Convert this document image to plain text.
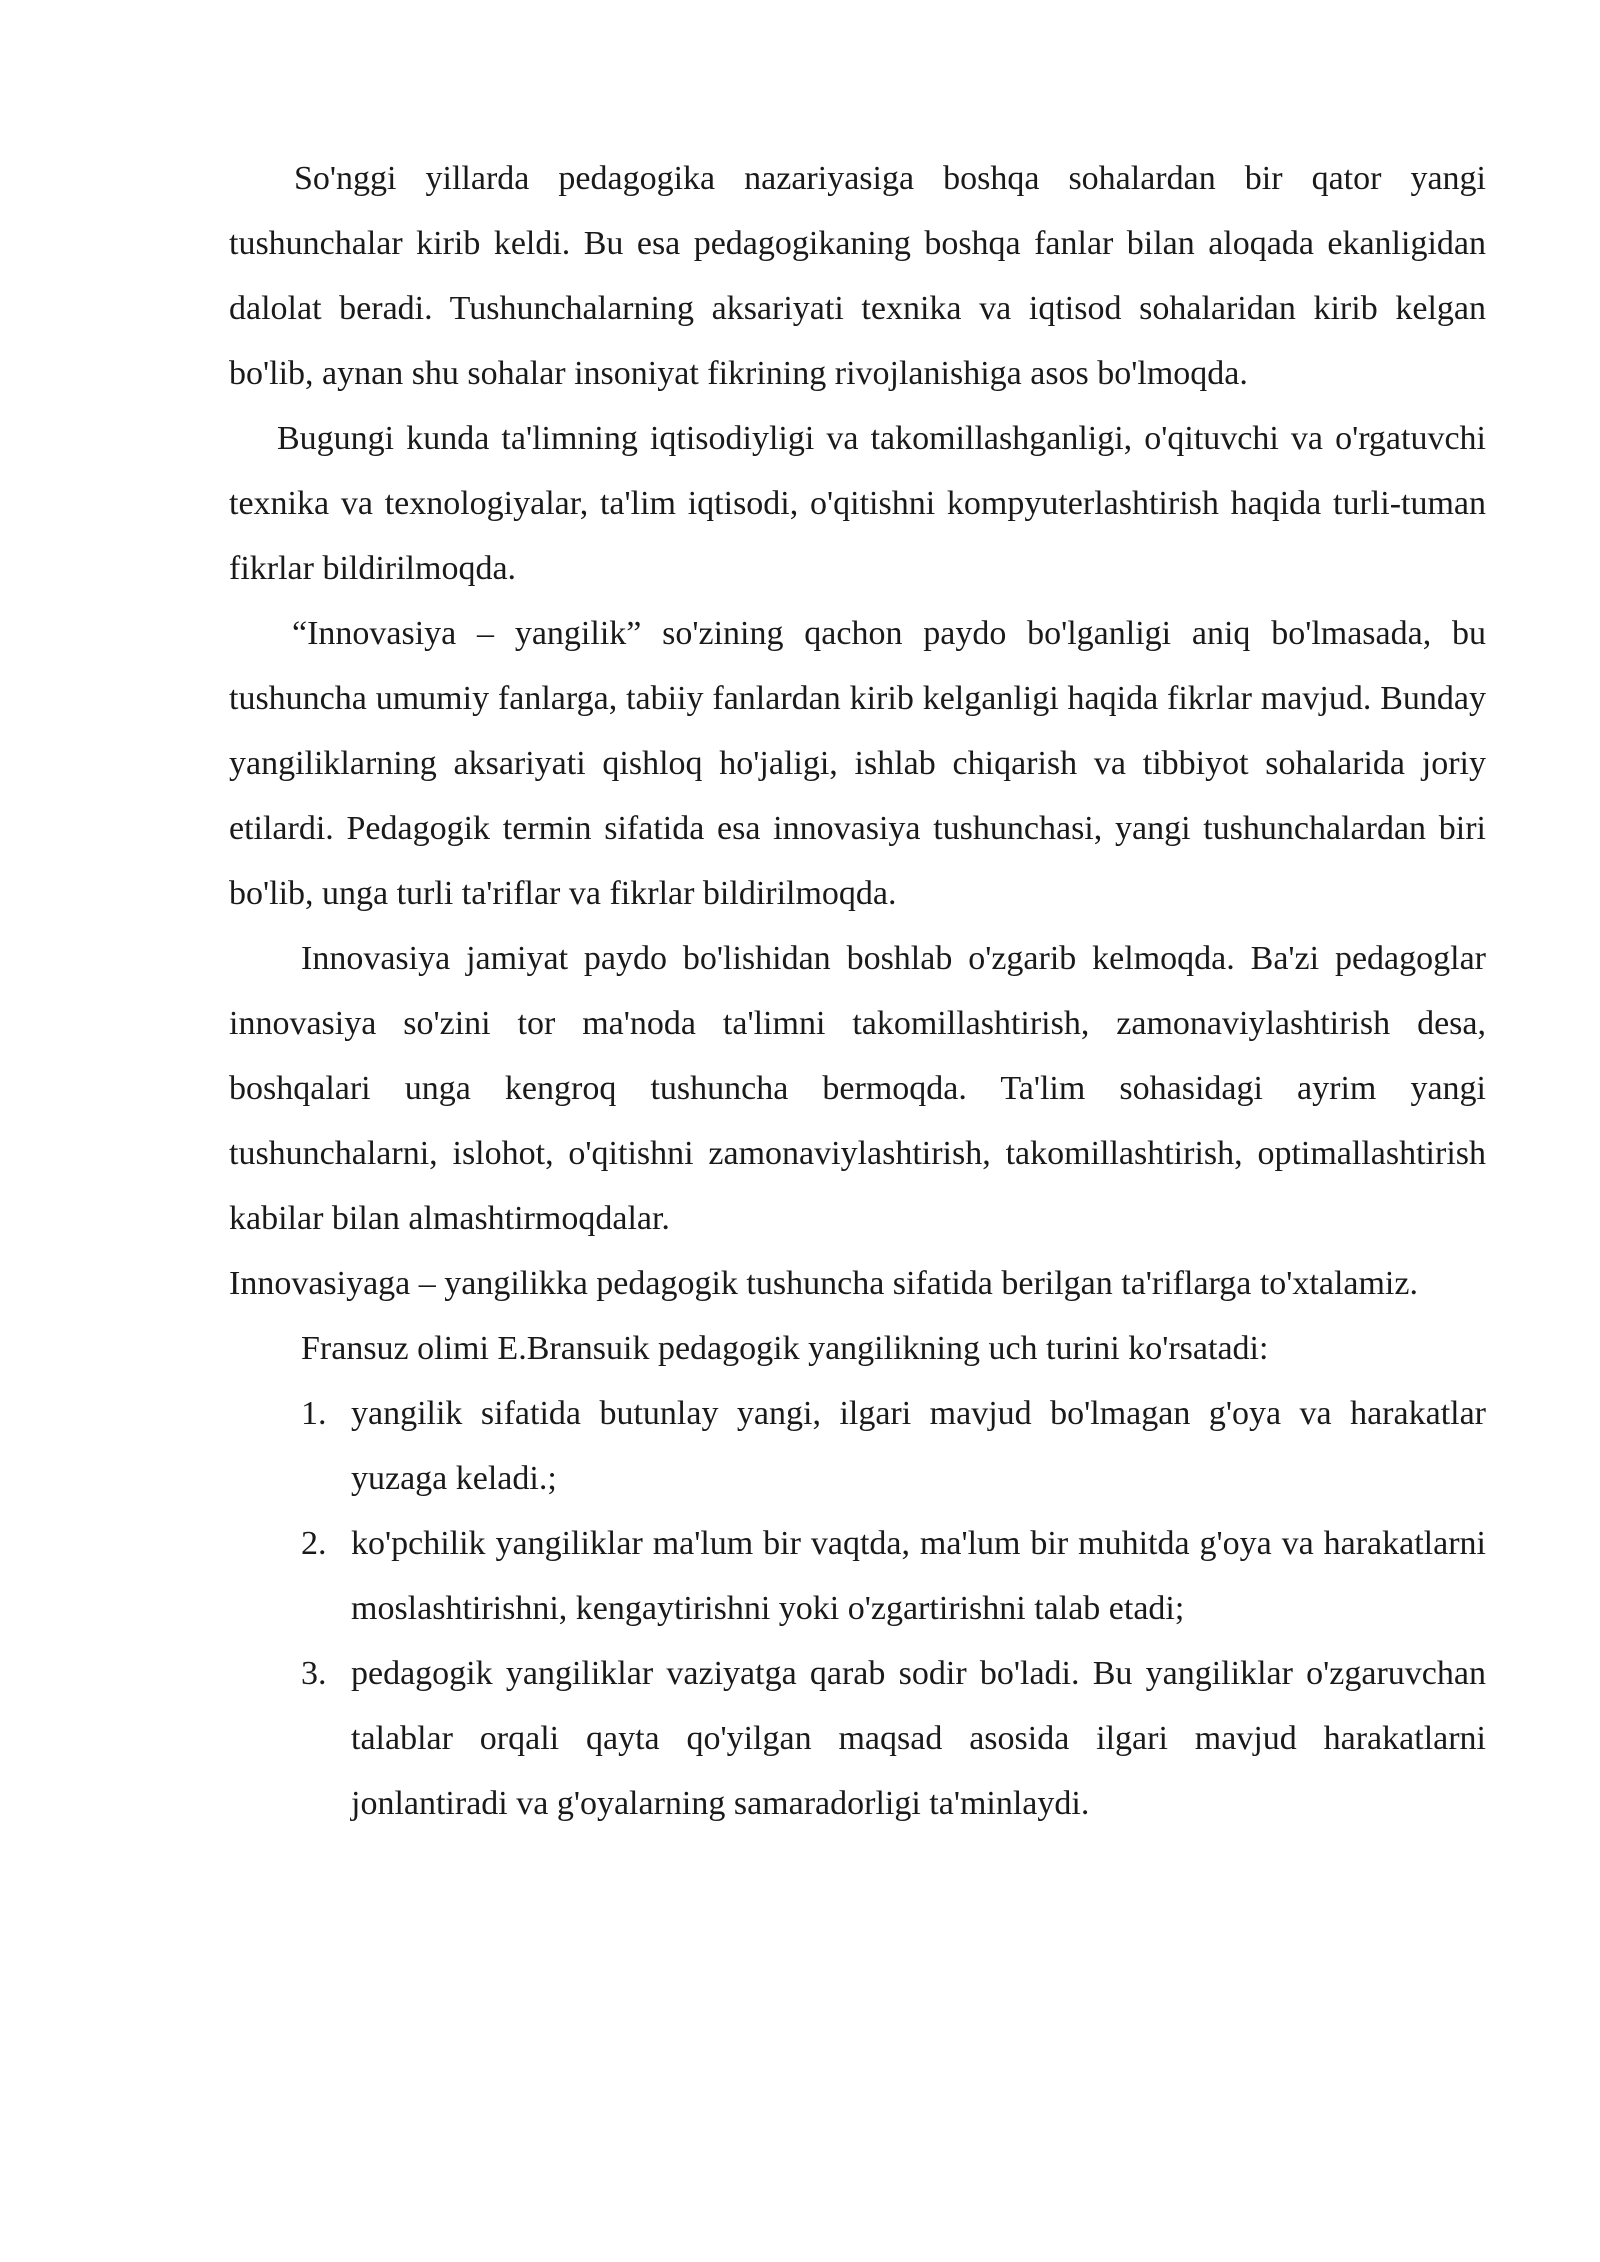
So'nggi yillarda pedagogika nazariyasiga boshqa sohalardan bir qator yangi tushunchalar kirib keldi. Bu esa pedagogikaning boshqa fanlar bilan aloqada ekanligidan dalolat beradi. Tushunchalarning aksariyati texnika va iqtisod sohalaridan kirib kelgan bo'lib, aynan shu sohalar insoniyat fikrining rivojlanishiga asos bo'lmoqda.

Bugungi kunda ta'limning iqtisodiyligi va takomillashganligi, o'qituvchi va o'rgatuvchi texnika va texnologiyalar, ta'lim iqtisodi, o'qitishni kompyuterlashtirish haqida turli-tuman fikrlar bildirilmoqda.

“Innovasiya – yangilik” so'zining qachon paydo bo'lganligi aniq bo'lmasada, bu tushuncha umumiy fanlarga, tabiiy fanlardan kirib kelganligi haqida fikrlar mavjud. Bunday yangiliklarning aksariyati qishloq ho'jaligi, ishlab chiqarish va tibbiyot sohalarida joriy etilardi. Pedagogik termin sifatida esa innovasiya tushunchasi, yangi tushunchalardan biri bo'lib, unga turli ta'riflar va fikrlar bildirilmoqda.

Innovasiya jamiyat paydo bo'lishidan boshlab o'zgarib kelmoqda. Ba'zi pedagoglar innovasiya so'zini tor ma'noda ta'limni takomillashtirish, zamonaviylashtirish desa, boshqalari unga kengroq tushuncha bermoqda. Ta'lim sohasidagi ayrim yangi tushunchalarni, islohot, o'qitishni zamonaviylashtirish, takomillashtirish, optimallashtirish kabilar bilan almashtirmoqdalar.

Innovasiyaga – yangilikka pedagogik tushuncha sifatida berilgan ta'riflarga to'xtalamiz.

Fransuz olimi E.Bransuik pedagogik yangilikning uch turini ko'rsatadi:

1. yangilik sifatida butunlay yangi, ilgari mavjud bo'lmagan g'oya va harakatlar yuzaga keladi.;
2. ko'pchilik yangiliklar ma'lum bir vaqtda, ma'lum bir muhitda g'oya va harakatlarni moslashtirishni, kengaytirishni yoki o'zgartirishni talab etadi;
3. pedagogik yangiliklar vaziyatga qarab sodir bo'ladi. Bu yangiliklar o'zgaruvchan talablar orqali qayta qo'yilgan maqsad asosida ilgari mavjud harakatlarni jonlantiradi va g'oyalarning samaradorligi ta'minlaydi.
